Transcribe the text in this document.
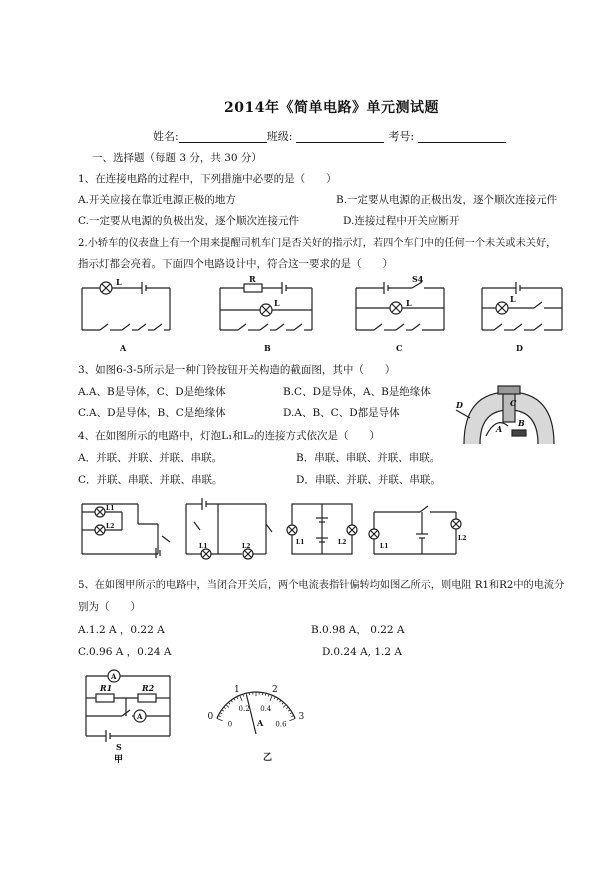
2014年《简单电路》单元测试题
姓名:	班级:	考号:
一、选择题（每题 3 分，共 30 分）
1、在连接电路的过程中，下列措施中必要的是（　　）
A.开关应接在靠近电源正极的地方	B.一定要从电源的正极出发，逐个顺次连接元件
C.一定要从电源的负极出发，逐个顺次连接元件	D.连接过程中开关应断开
2.小轿车的仪表盘上有一个用来提醒司机车门是否关好的指示灯，若四个车门中的任何一个未关或未关好，
指示灯都会亮着。下面四个电路设计中，符合这一要求的是（　　）
L
A
R
L
B
S4
L
C
L
D
3、如图6-3-5所示是一种门铃按钮开关构造的截面图，其中（　　）
A.A、B是导体，C、D是绝缘体	B.C、D是导体，A、B是绝缘体
C.A、D是导体，B、C是绝缘体	D.A、B、C、D都是导体
A
B
C
D
4、在如图所示的电路中，灯泡L₁和L₂的连接方式依次是（　　）
A．并联、并联、并联、串联。	B．串联、串联、并联、串联。
C．并联、串联、并联、串联。	D．串联、并联、并联、串联。
L1
L2
L1	L2
L1	L2
L1
L2
5、在如图甲所示的电路中，当闭合开关后，两个电流表指针偏转均如图乙所示，则电阻 R1和R2中的电流分
别为（　　）
A.1.2 A ，0.22 A	B.0.98 A， 0.22 A
C.0.96 A ，0.24 A	D.0.24 A, 1.2 A
A
A
R1	R2
S
甲
A
乙
0
1	2
3
0
0.2 0.4
0.6
